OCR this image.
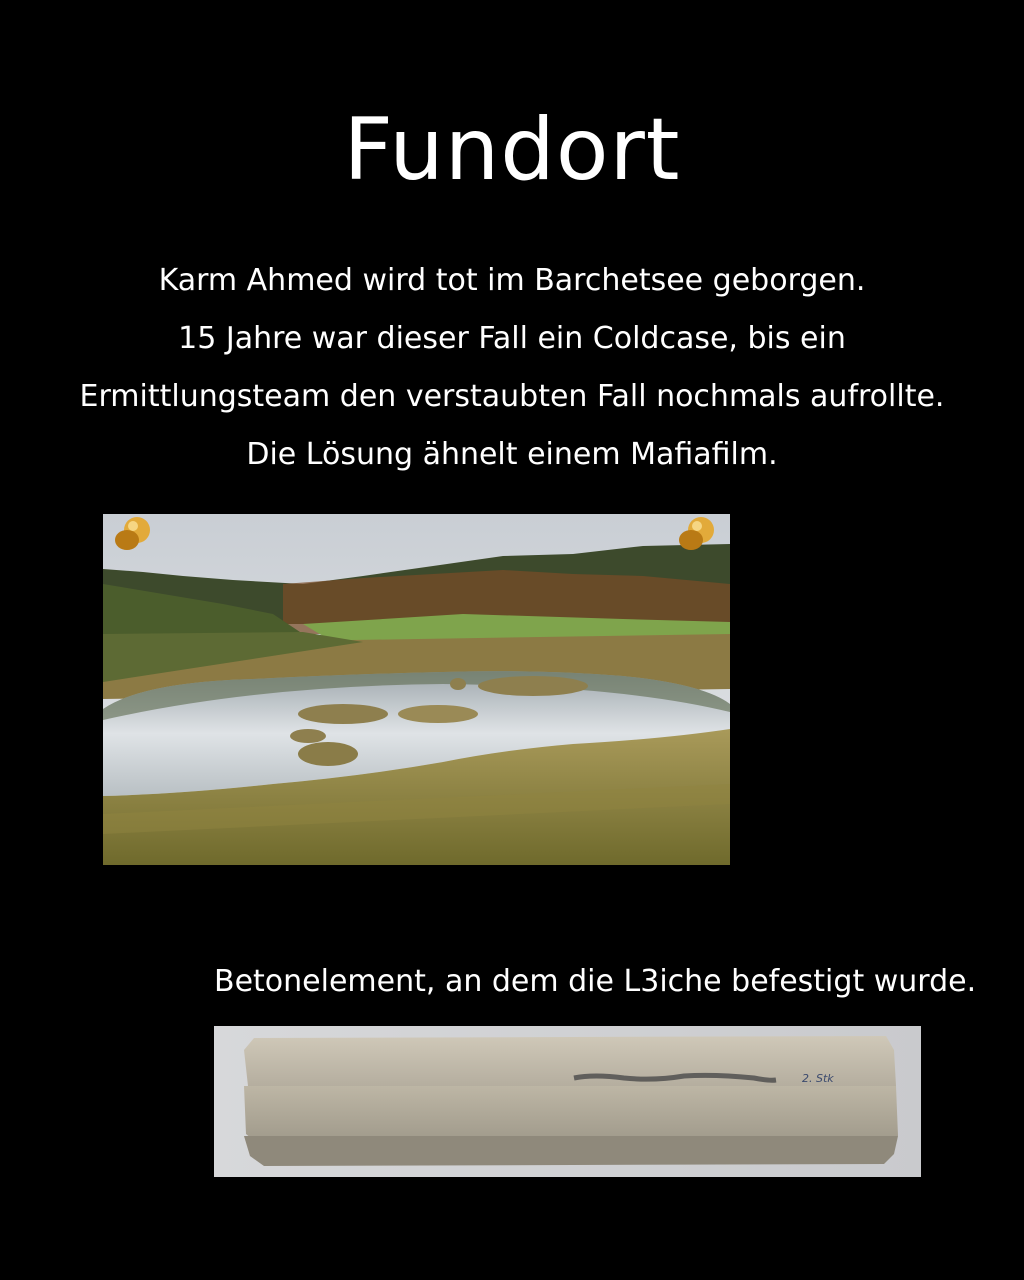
Fundort
Karm Ahmed wird tot im Barchetsee geborgen.
15 Jahre war dieser Fall ein Coldcase, bis ein
Ermittlungsteam den verstaubten Fall nochmals aufrollte.
Die Lösung ähnelt einem Mafiafilm.
Betonelement, an dem die L3iche befestigt wurde.
2. Stk
